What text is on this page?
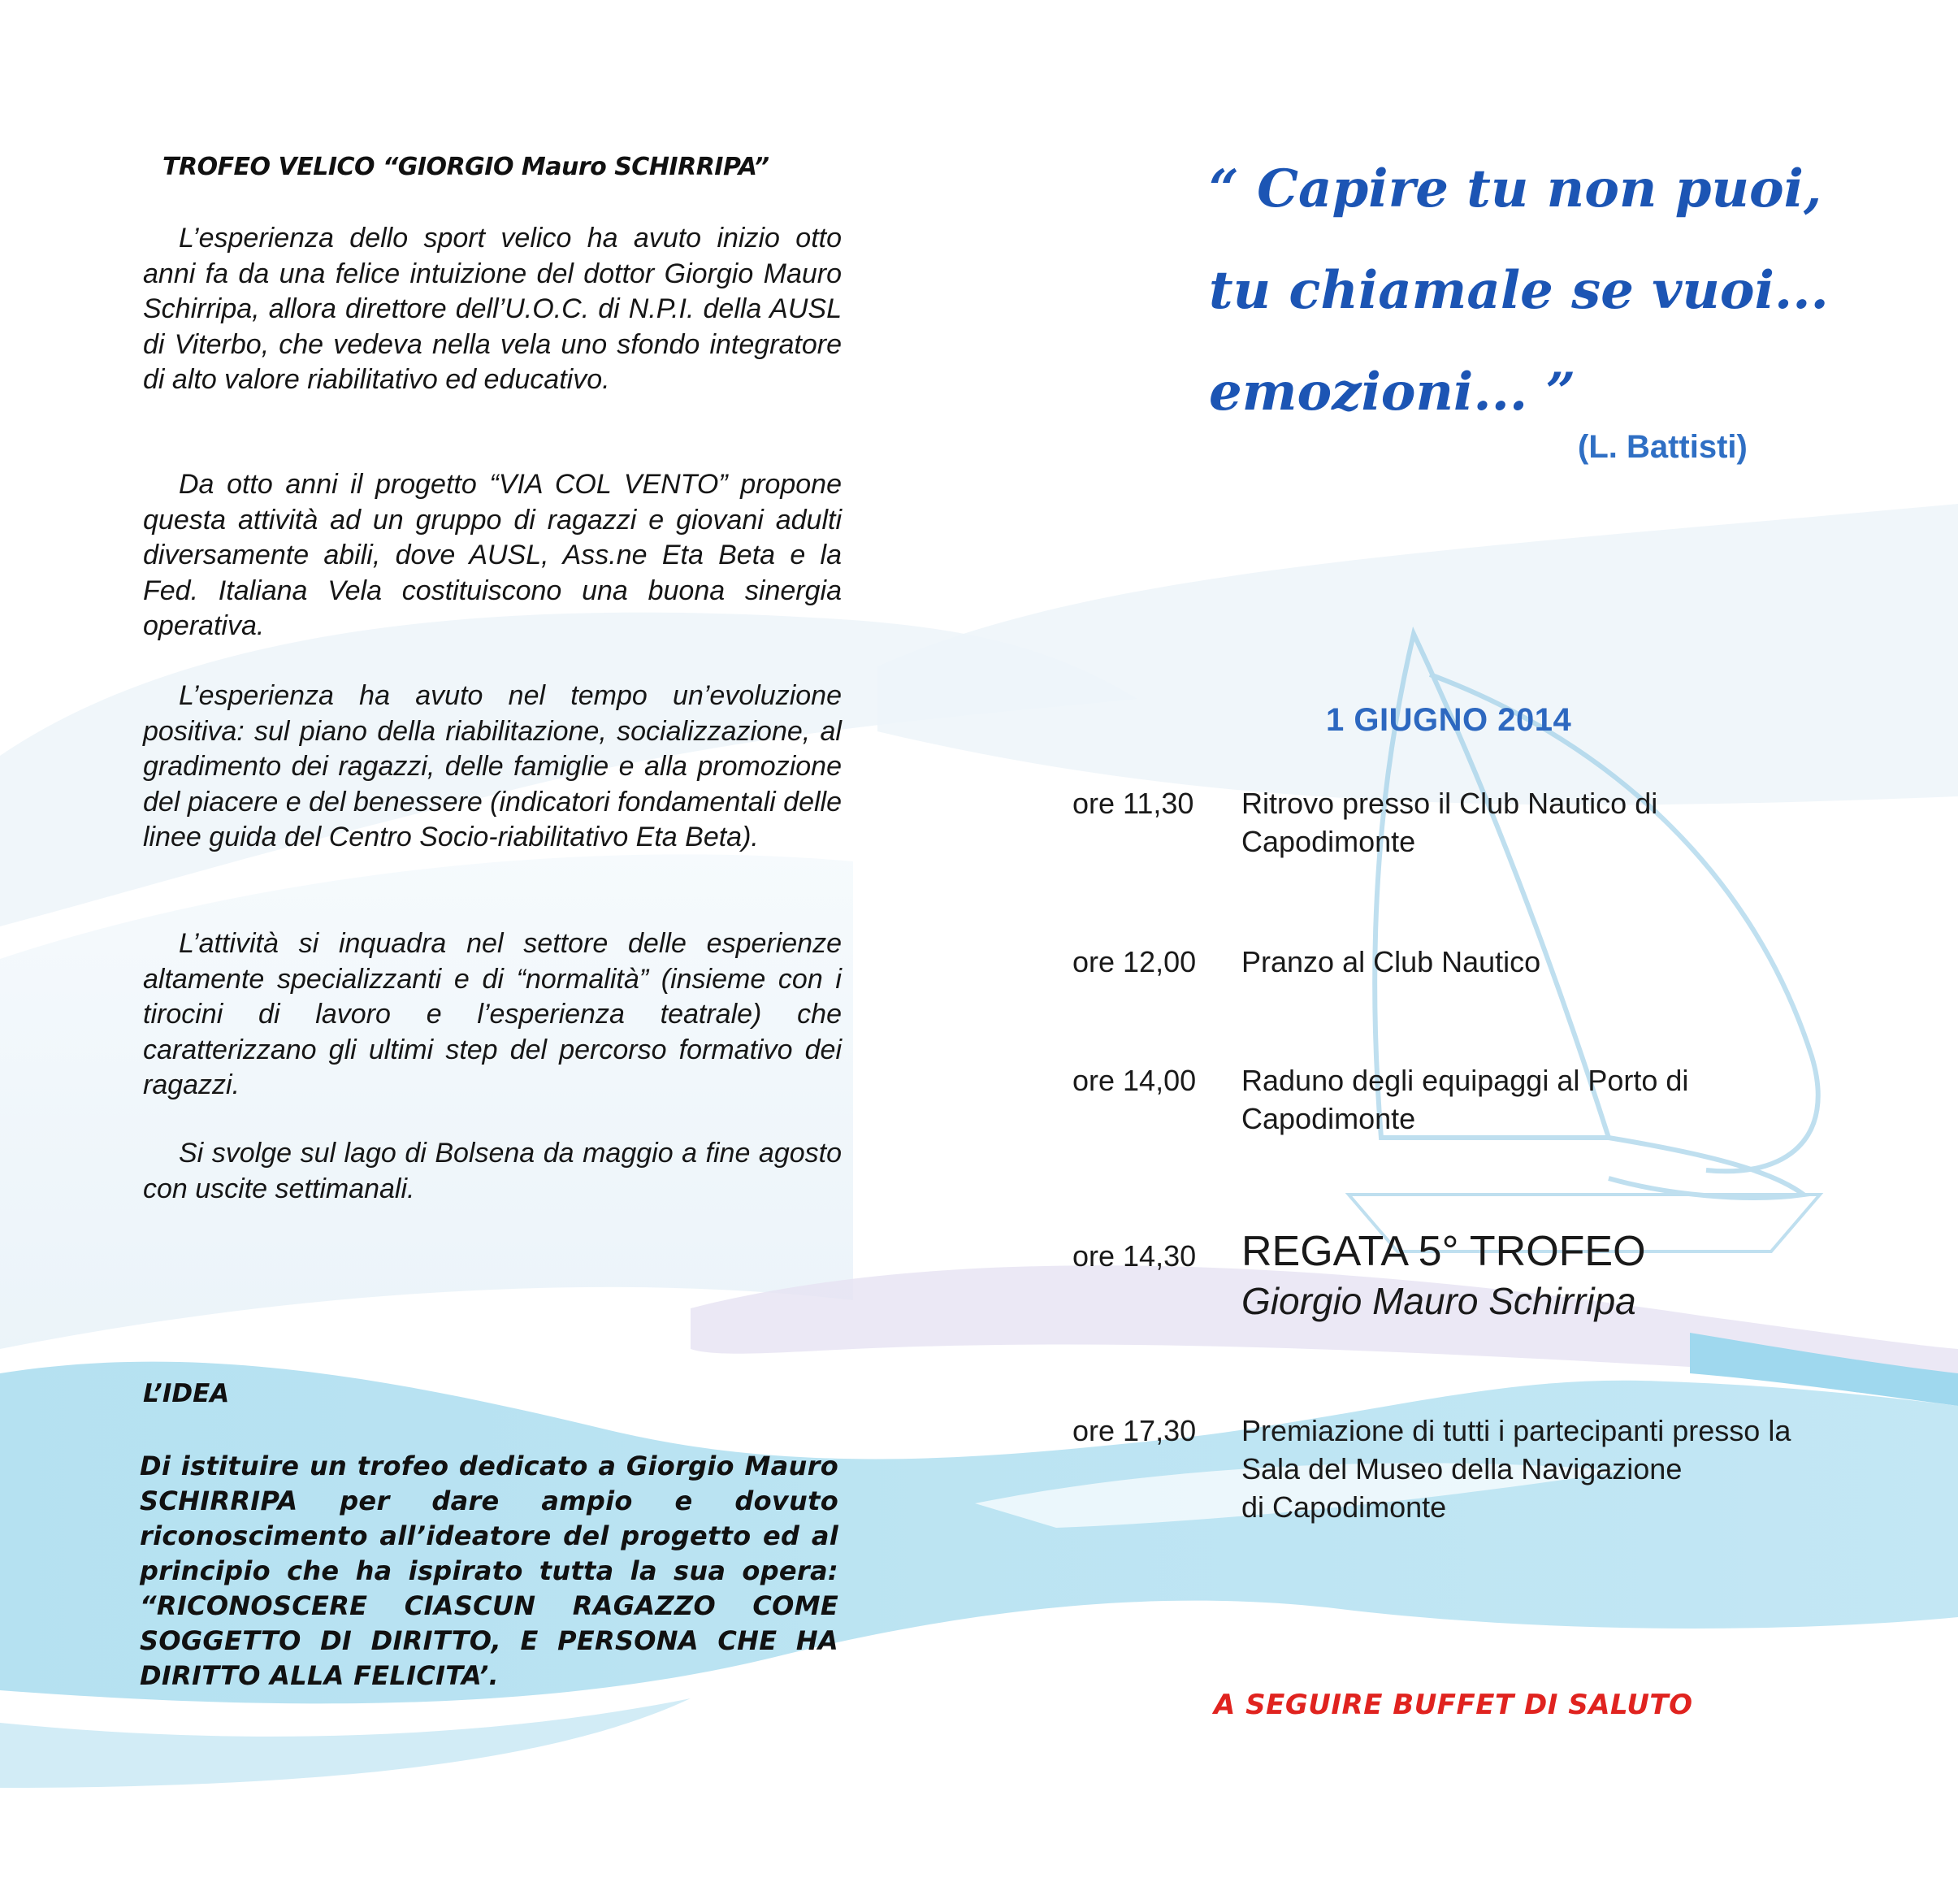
TROFEO VELICO “GIORGIO Mauro SCHIRRIPA”
L’esperienza dello sport velico ha avuto inizio otto anni fa da una felice intuizione del dottor Giorgio Mauro Schirripa, allora direttore dell’U.O.C. di N.P.I. della AUSL di Viterbo, che vedeva nella vela uno sfondo integratore di alto valore riabilitativo ed educativo.
Da otto anni il progetto “VIA COL VENTO” propone questa attività ad un gruppo di ragazzi e giovani adulti diversamente abili, dove AUSL, Ass.ne Eta Beta e la Fed. Italiana Vela costituiscono una buona sinergia operativa.
L’esperienza ha avuto nel tempo un’evoluzione positiva: sul piano della riabilitazione, socializzazione, al gradimento dei ragazzi, delle famiglie e alla promozione del piacere e del benessere (indicatori fondamentali delle linee guida del Centro Socio-riabilitativo Eta Beta).
L’attività si inquadra nel settore delle esperienze altamente specializzanti e di “normalità” (insieme con i tirocini di lavoro e l’esperienza teatrale) che caratterizzano gli ultimi step del percorso formativo dei ragazzi.
Si svolge sul lago di Bolsena da maggio a fine agosto con uscite settimanali.
L’IDEA
Di istituire un trofeo dedicato a Giorgio Mauro SCHIRRIPA per dare ampio e dovuto riconoscimento all’ideatore del progetto ed al principio che ha ispirato tutta la sua opera: “RICONOSCERE CIASCUN RAGAZZO COME SOGGETTO DI DIRITTO, E PERSONA CHE HA DIRITTO ALLA FELICITA’.
“ Capire tu non puoi,
tu chiamale se vuoi...
emozioni... ”
(L. Battisti)
1 GIUGNO 2014
ore 11,30	Ritrovo presso il Club Nautico di
Capodimonte
ore 12,00	Pranzo al Club Nautico
ore 14,00	Raduno degli equipaggi al Porto di
Capodimonte
ore 14,30	REGATA 5° TROFEO
Giorgio Mauro Schirripa
ore 17,30	Premiazione di tutti i partecipanti presso la
Sala del Museo della Navigazione
di Capodimonte
A SEGUIRE BUFFET DI SALUTO
